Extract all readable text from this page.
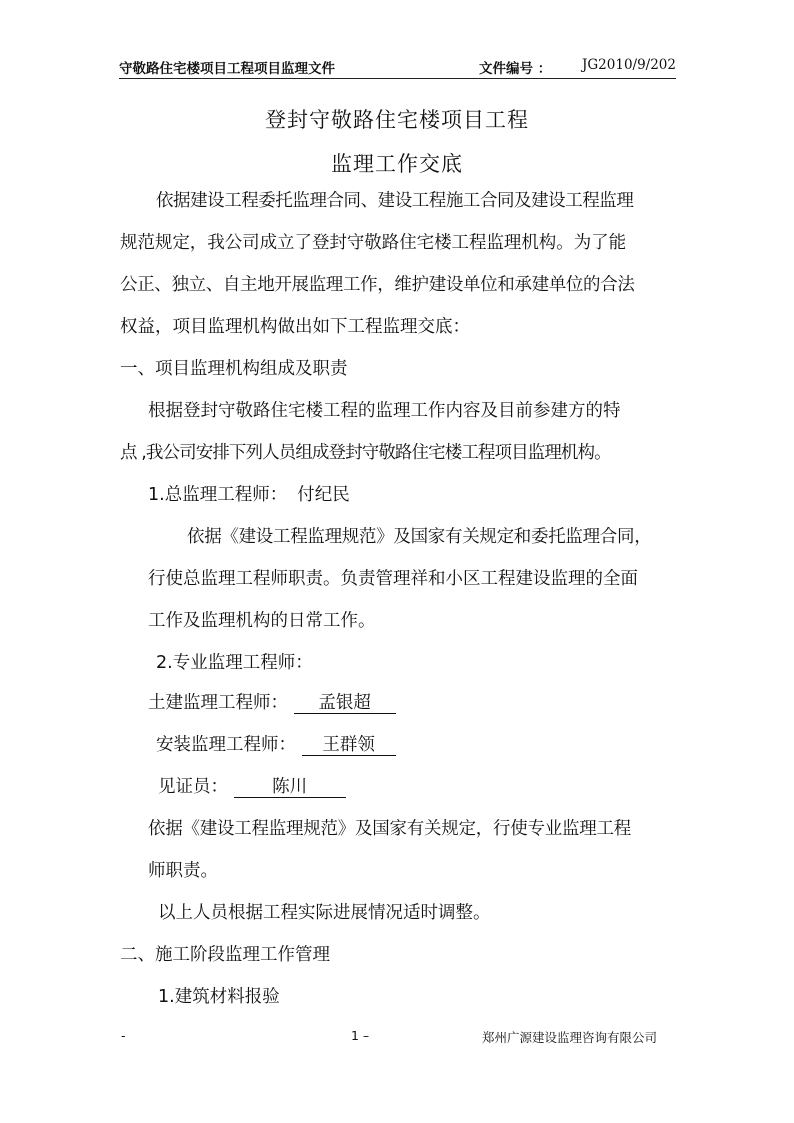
守敬路住宅楼项目工程项目监理文件	文件编号 ： JG2010/9/202
登封守敬路住宅楼项目工程
监理工作交底
依据建设工程委托监理合同、建设工程施工合同及建设工程监理
规范规定，我公司成立了登封守敬路住宅楼工程监理机构。为了能
公正、独立、自主地开展监理工作，维护建设单位和承建单位的合法
权益，项目监理机构做出如下工程监理交底：
一、项目监理机构组成及职责
根据登封守敬路住宅楼工程的监理工作内容及目前参建方的特
点 ,我公司安排下列人员组成登封守敬路住宅楼工程项目监理机构。
1.总监理工程师： 付纪民
依据《建设工程监理规范》及国家有关规定和委托监理合同，
行使总监理工程师职责。负责管理祥和小区工程建设监理的全面
工作及监理机构的日常工作。
2.专业监理工程师：
土建监理工程师： 孟银超
安装监理工程师： 王群领
见证员：	陈川
依据《建设工程监理规范》及国家有关规定，行使专业监理工程
师职责。
以上人员根据工程实际进展情况适时调整。
二、施工阶段监理工作管理
1.建筑材料报验
-	1 –	郑州广源建设监理咨询有限公司
